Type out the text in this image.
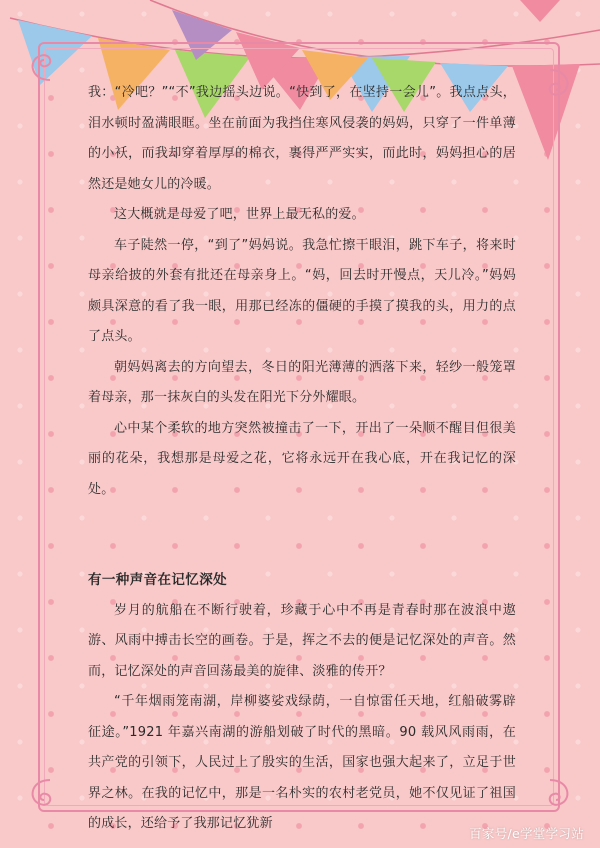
我：“冷吧？”“不”我边摇头边说。“快到了，在坚持一会儿”。我点点头，泪水顿时盈满眼眶。坐在前面为我挡住寒风侵袭的妈妈，只穿了一件单薄的小袄，而我却穿着厚厚的棉衣，裹得严严实实，而此时，妈妈担心的居然还是她女儿的冷暖。

这大概就是母爱了吧，世界上最无私的爱。

车子陡然一停，“到了”妈妈说。我急忙擦干眼泪，跳下车子，将来时母亲给披的外套有批还在母亲身上。“妈，回去时开慢点，天儿冷。”妈妈颇具深意的看了我一眼，用那已经冻的僵硬的手摸了摸我的头，用力的点了点头。

朝妈妈离去的方向望去，冬日的阳光薄薄的洒落下来，轻纱一般笼罩着母亲，那一抹灰白的头发在阳光下分外耀眼。

心中某个柔软的地方突然被撞击了一下，开出了一朵顺不醒目但很美丽的花朵，我想那是母爱之花，它将永远开在我心底，开在我记忆的深处。

有一种声音在记忆深处

岁月的航船在不断行驶着，珍藏于心中不再是青春时那在波浪中遨游、风雨中搏击长空的画卷。于是，挥之不去的便是记忆深处的声音。然而，记忆深处的声音回荡最美的旋律、淡雅的传开？

“千年烟雨笼南湖，岸柳婆娑戏绿荫，一自惊雷任天地，红船破雾辟征途。”1921 年嘉兴南湖的游船划破了时代的黑暗。90 载风风雨雨，在共产党的引领下，人民过上了殷实的生活，国家也强大起来了，立足于世界之林。在我的记忆中，那是一名朴实的农村老党员，她不仅见证了祖国的成长，还给予了我那记忆犹新

百家号/e学堂学习站
